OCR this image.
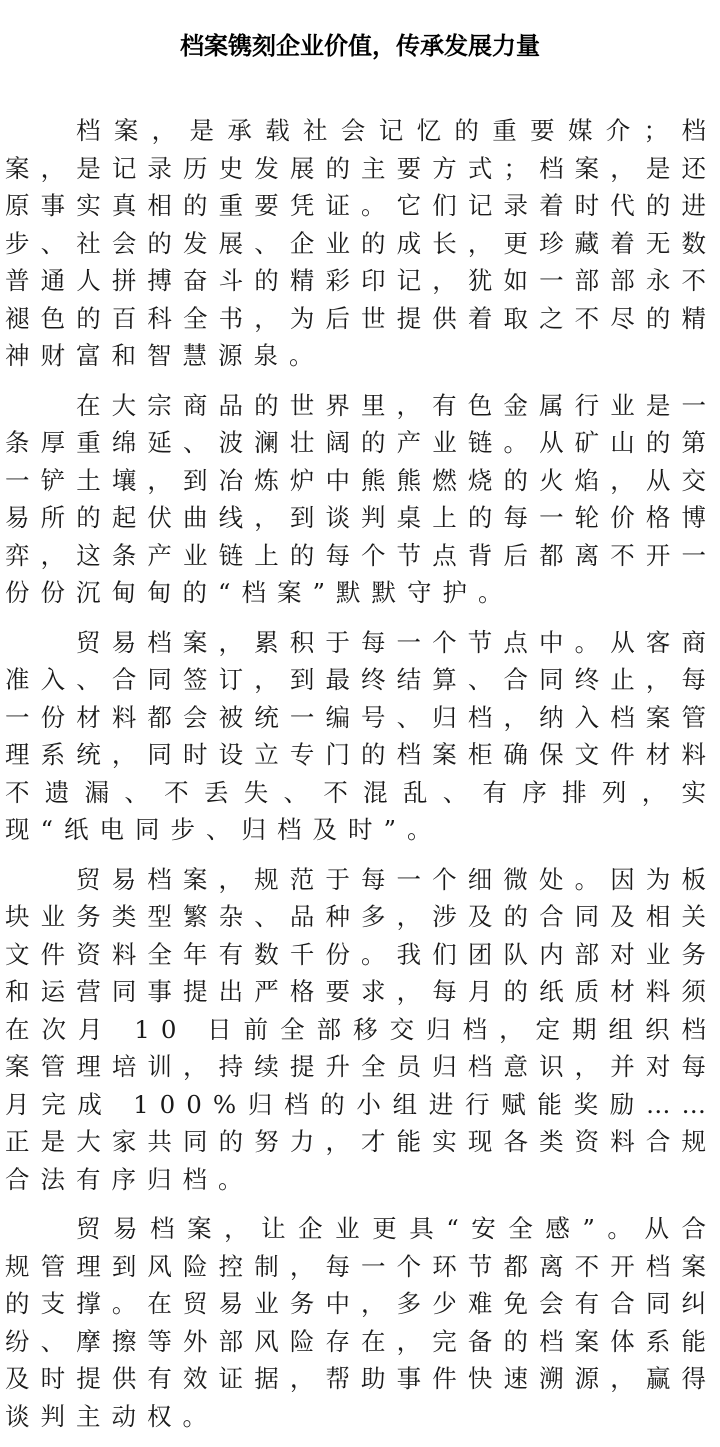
档案镌刻企业价值，传承发展力量

档案，是承载社会记忆的重要媒介；档案，是记录历史发展的主要方式；档案，是还原事实真相的重要凭证。它们记录着时代的进步、社会的发展、企业的成长，更珍藏着无数普通人拼搏奋斗的精彩印记，犹如一部部永不褪色的百科全书，为后世提供着取之不尽的精神财富和智慧源泉。

在大宗商品的世界里，有色金属行业是一条厚重绵延、波澜壮阔的产业链。从矿山的第一铲土壤，到冶炼炉中熊熊燃烧的火焰，从交易所的起伏曲线，到谈判桌上的每一轮价格博弈，这条产业链上的每个节点背后都离不开一份份沉甸甸的“档案”默默守护。

贸易档案，累积于每一个节点中。从客商准入、合同签订，到最终结算、合同终止，每一份材料都会被统一编号、归档，纳入档案管理系统，同时设立专门的档案柜确保文件材料不遗漏、不丢失、不混乱、有序排列，实现“纸电同步、归档及时”。

贸易档案，规范于每一个细微处。因为板块业务类型繁杂、品种多，涉及的合同及相关文件资料全年有数千份。我们团队内部对业务和运营同事提出严格要求，每月的纸质材料须在次月 10 日前全部移交归档，定期组织档案管理培训，持续提升全员归档意识，并对每月完成 100%归档的小组进行赋能奖励……正是大家共同的努力，才能实现各类资料合规合法有序归档。

贸易档案，让企业更具“安全感”。从合规管理到风险控制，每一个环节都离不开档案的支撑。在贸易业务中，多少难免会有合同纠纷、摩擦等外部风险存在，完备的档案体系能及时提供有效证据，帮助事件快速溯源，赢得谈判主动权。
